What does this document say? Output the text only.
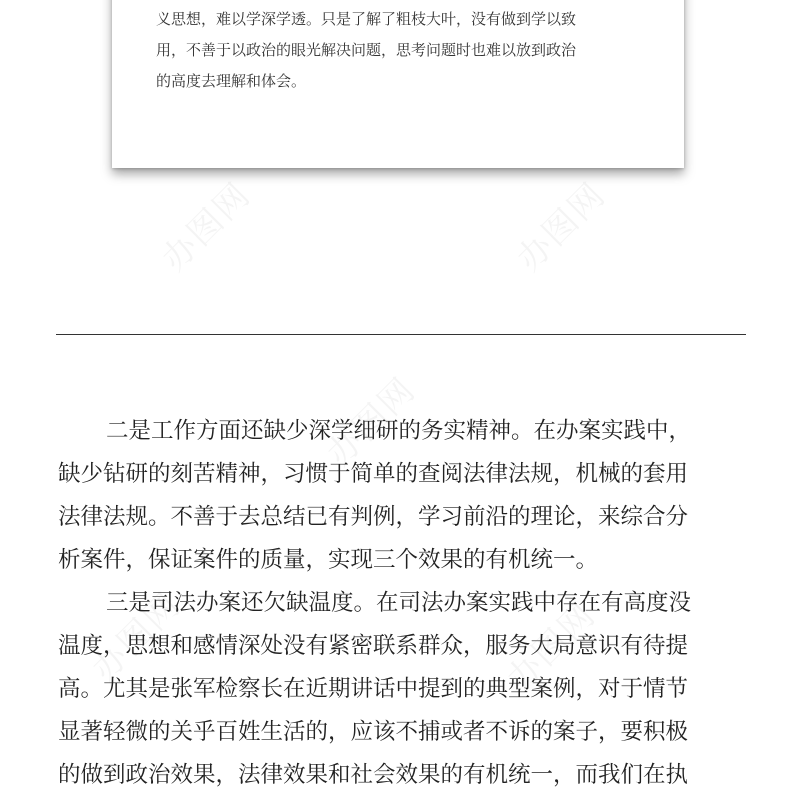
义思想，难以学深学透。只是了解了粗枝大叶，没有做到学以致
用，不善于以政治的眼光解决问题，思考问题时也难以放到政治
的高度去理解和体会。

二是工作方面还缺少深学细研的务实精神。在办案实践中，
缺少钻研的刻苦精神，习惯于简单的查阅法律法规，机械的套用
法律法规。不善于去总结已有判例，学习前沿的理论，来综合分
析案件，保证案件的质量，实现三个效果的有机统一。
三是司法办案还欠缺温度。在司法办案实践中存在有高度没
温度，思想和感情深处没有紧密联系群众，服务大局意识有待提
高。尤其是张军检察长在近期讲话中提到的典型案例，对于情节
显著轻微的关乎百姓生活的，应该不捕或者不诉的案子，要积极
的做到政治效果，法律效果和社会效果的有机统一，而我们在执
